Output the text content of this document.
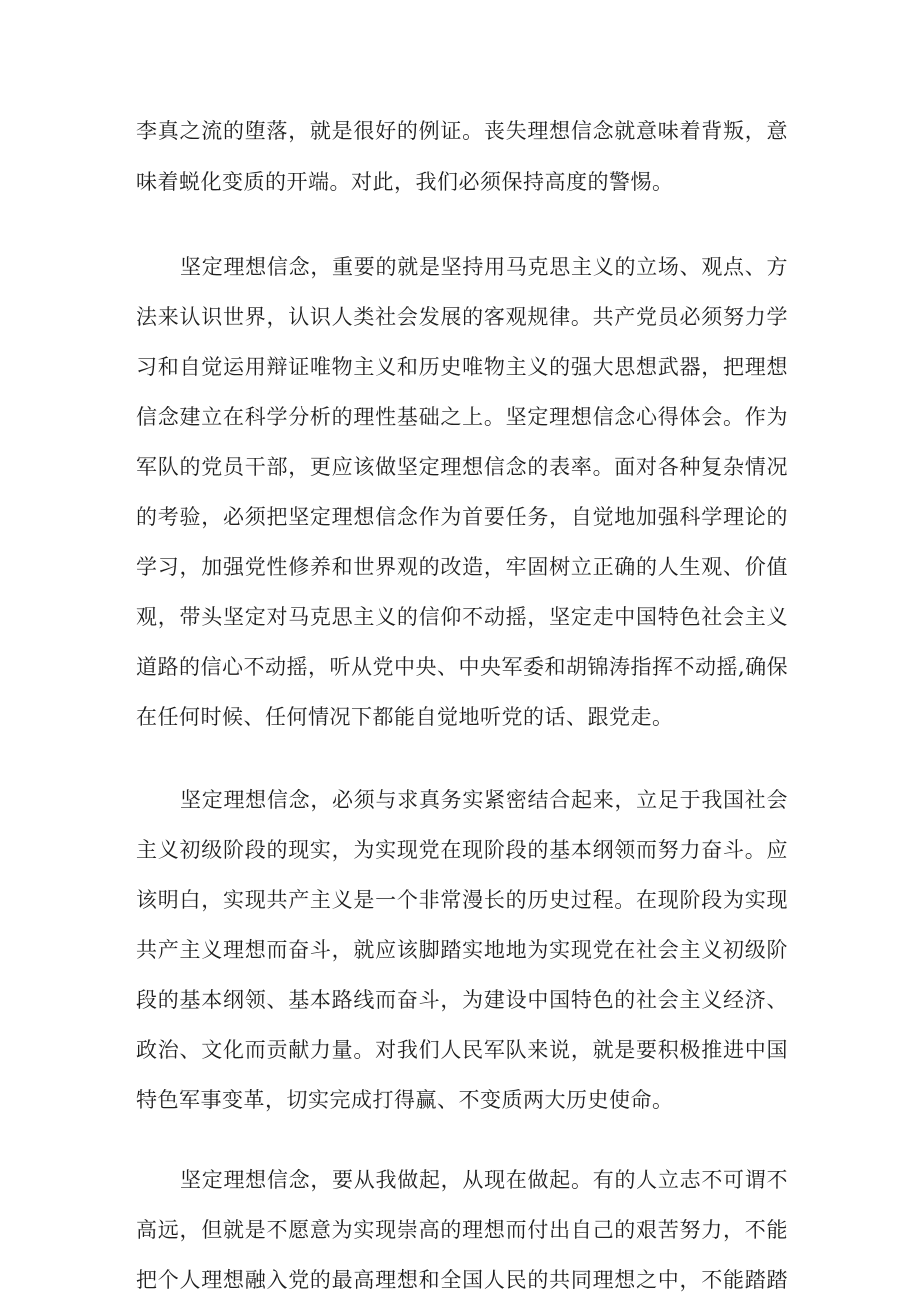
李真之流的堕落，就是很好的例证。丧失理想信念就意味着背叛，意
味着蜕化变质的开端。对此，我们必须保持高度的警惕。
坚定理想信念，重要的就是坚持用马克思主义的立场、观点、方
法来认识世界，认识人类社会发展的客观规律。共产党员必须努力学
习和自觉运用辩证唯物主义和历史唯物主义的强大思想武器，把理想
信念建立在科学分析的理性基础之上。坚定理想信念心得体会。作为
军队的党员干部，更应该做坚定理想信念的表率。面对各种复杂情况
的考验，必须把坚定理想信念作为首要任务，自觉地加强科学理论的
学习，加强党性修养和世界观的改造，牢固树立正确的人生观、价值
观，带头坚定对马克思主义的信仰不动摇，坚定走中国特色社会主义
道路的信心不动摇，听从党中央、中央军委和胡锦涛指挥不动摇,确保
在任何时候、任何情况下都能自觉地听党的话、跟党走。
坚定理想信念，必须与求真务实紧密结合起来，立足于我国社会
主义初级阶段的现实，为实现党在现阶段的基本纲领而努力奋斗。应
该明白，实现共产主义是一个非常漫长的历史过程。在现阶段为实现
共产主义理想而奋斗，就应该脚踏实地地为实现党在社会主义初级阶
段的基本纲领、基本路线而奋斗，为建设中国特色的社会主义经济、
政治、文化而贡献力量。对我们人民军队来说，就是要积极推进中国
特色军事变革，切实完成打得赢、不变质两大历史使命。
坚定理想信念，要从我做起，从现在做起。有的人立志不可谓不
高远，但就是不愿意为实现崇高的理想而付出自己的艰苦努力，不能
把个人理想融入党的最高理想和全国人民的共同理想之中，不能踏踏
